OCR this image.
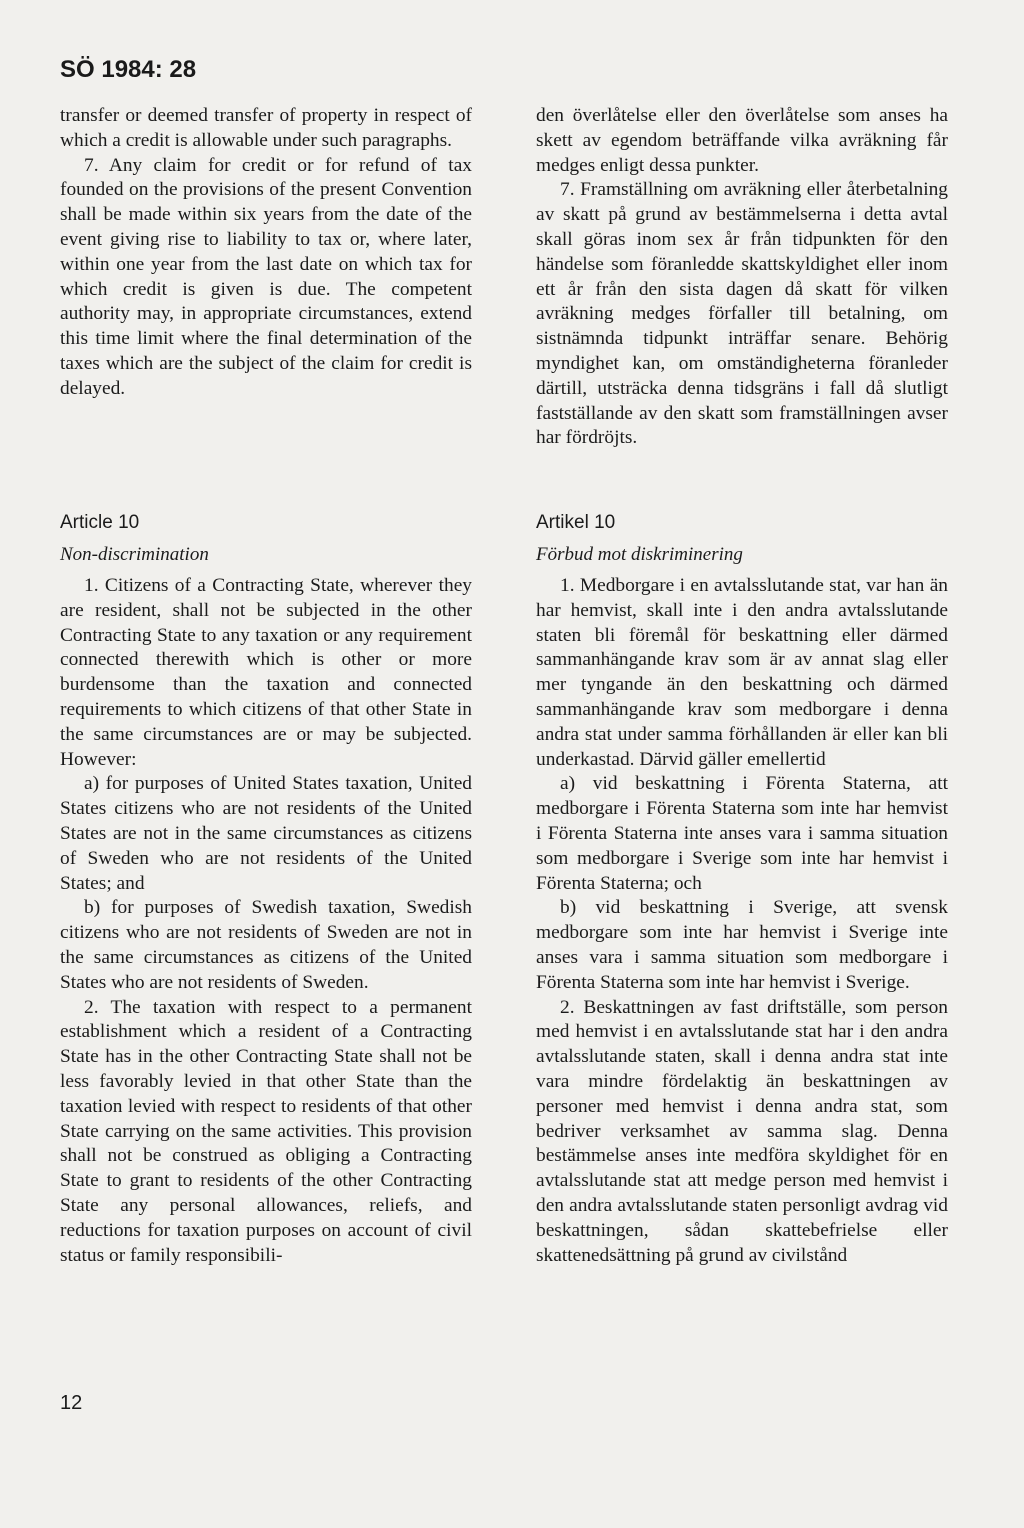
SÖ 1984: 28

transfer or deemed transfer of property in respect of which a credit is allowable under such paragraphs.

7. Any claim for credit or for refund of tax founded on the provisions of the present Convention shall be made within six years from the date of the event giving rise to liability to tax or, where later, within one year from the last date on which tax for which credit is given is due. The competent authority may, in appropriate circumstances, extend this time limit where the final determination of the taxes which are the subject of the claim for credit is delayed.

den överlåtelse eller den överlåtelse som anses ha skett av egendom beträffande vilka avräkning får medges enligt dessa punkter.

7. Framställning om avräkning eller återbetalning av skatt på grund av bestämmelserna i detta avtal skall göras inom sex år från tidpunkten för den händelse som föranledde skattskyldighet eller inom ett år från den sista dagen då skatt för vilken avräkning medges förfaller till betalning, om sistnämnda tidpunkt inträffar senare. Behörig myndighet kan, om omständigheterna föranleder därtill, utsträcka denna tidsgräns i fall då slutligt fastställande av den skatt som framställningen avser har fördröjts.

Article 10
Non-discrimination
Artikel 10
Förbud mot diskriminering

1. Citizens of a Contracting State, wherever they are resident, shall not be subjected in the other Contracting State to any taxation or any requirement connected therewith which is other or more burdensome than the taxation and connected requirements to which citizens of that other State in the same circumstances are or may be subjected. However:

a) for purposes of United States taxation, United States citizens who are not residents of the United States are not in the same circumstances as citizens of Sweden who are not residents of the United States; and

b) for purposes of Swedish taxation, Swedish citizens who are not residents of Sweden are not in the same circumstances as citizens of the United States who are not residents of Sweden.

2. The taxation with respect to a permanent establishment which a resident of a Contracting State has in the other Contracting State shall not be less favorably levied in that other State than the taxation levied with respect to residents of that other State carrying on the same activities. This provision shall not be construed as obliging a Contracting State to grant to residents of the other Contracting State any personal allowances, reliefs, and reductions for taxation purposes on account of civil status or family responsibili-

1. Medborgare i en avtalsslutande stat, var han än har hemvist, skall inte i den andra avtalsslutande staten bli föremål för beskattning eller därmed sammanhängande krav som är av annat slag eller mer tyngande än den beskattning och därmed sammanhängande krav som medborgare i denna andra stat under samma förhållanden är eller kan bli underkastad. Därvid gäller emellertid

a) vid beskattning i Förenta Staterna, att medborgare i Förenta Staterna som inte har hemvist i Förenta Staterna inte anses vara i samma situation som medborgare i Sverige som inte har hemvist i Förenta Staterna; och

b) vid beskattning i Sverige, att svensk medborgare som inte har hemvist i Sverige inte anses vara i samma situation som medborgare i Förenta Staterna som inte har hemvist i Sverige.

2. Beskattningen av fast driftställe, som person med hemvist i en avtalsslutande stat har i den andra avtalsslutande staten, skall i denna andra stat inte vara mindre fördelaktig än beskattningen av personer med hemvist i denna andra stat, som bedriver verksamhet av samma slag. Denna bestämmelse anses inte medföra skyldighet för en avtalsslutande stat att medge person med hemvist i den andra avtalsslutande staten personligt avdrag vid beskattningen, sådan skattebefrielse eller skattenedsättning på grund av civilstånd

12
